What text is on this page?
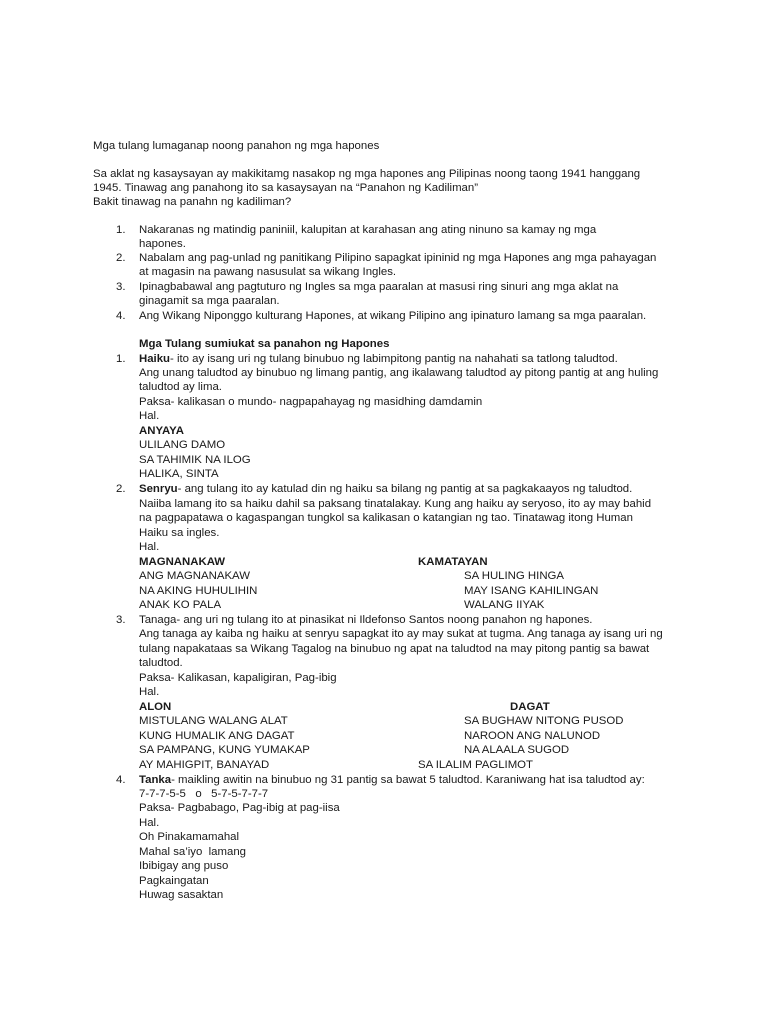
Mga tulang lumaganap noong panahon ng mga hapones
Sa aklat ng kasaysayan ay makikitamg nasakop ng mga hapones ang Pilipinas noong taong 1941 hanggang
1945. Tinawag ang panahong ito sa kasaysayan na “Panahon ng Kadiliman”
Bakit tinawag na panahn ng kadiliman?
1. Nakaranas ng matindig paniniil, kalupitan at karahasan ang ating ninuno sa kamay ng mga
hapones.
2. Nabalam ang pag-unlad ng panitikang Pilipino sapagkat ipininid ng mga Hapones ang mga pahayagan
at magasin na pawang nasusulat sa wikang Ingles.
3. Ipinagbabawal ang pagtuturo ng Ingles sa mga paaralan at masusi ring sinuri ang mga aklat na
ginagamit sa mga paaralan.
4. Ang Wikang Niponggo kulturang Hapones, at wikang Pilipino ang ipinaturo lamang sa mga paaralan.
Mga Tulang sumiukat sa panahon ng Hapones
1. Haiku- ito ay isang uri ng tulang binubuo ng labimpitong pantig na nahahati sa tatlong taludtod.
Ang unang taludtod ay binubuo ng limang pantig, ang ikalawang taludtod ay pitong pantig at ang huling
taludtod ay lima.
Paksa- kalikasan o mundo- nagpapahayag ng masidhing damdamin
Hal.
ANYAYA
ULILANG DAMO
SA TAHIMIK NA ILOG
HALIKA, SINTA
2. Senryu- ang tulang ito ay katulad din ng haiku sa bilang ng pantig at sa pagkakaayos ng taludtod.
Naiiba lamang ito sa haiku dahil sa paksang tinatalakay. Kung ang haiku ay seryoso, ito ay may bahid
na pagpapatawa o kagaspangan tungkol sa kalikasan o katangian ng tao. Tinatawag itong Human
Haiku sa ingles.
Hal.
MAGNANAKAW	KAMATAYAN
ANG MAGNANAKAW	SA HULING HINGA
NA AKING HUHULIHIN	MAY ISANG KAHILINGAN
ANAK KO PALA	WALANG IIYAK
3. Tanaga- ang uri ng tulang ito at pinasikat ni Ildefonso Santos noong panahon ng hapones.
Ang tanaga ay kaiba ng haiku at senryu sapagkat ito ay may sukat at tugma. Ang tanaga ay isang uri ng
tulang napakataas sa Wikang Tagalog na binubuo ng apat na taludtod na may pitong pantig sa bawat
taludtod.
Paksa- Kalikasan, kapaligiran, Pag-ibig
Hal.
ALON	DAGAT
MISTULANG WALANG ALAT	SA BUGHAW NITONG PUSOD
KUNG HUMALIK ANG DAGAT	NAROON ANG NALUNOD
SA PAMPANG, KUNG YUMAKAP	NA ALAALA SUGOD
AY MAHIGPIT, BANAYAD	SA ILALIM PAGLIMOT
4. Tanka- maikling awitin na binubuo ng 31 pantig sa bawat 5 taludtod. Karaniwang hat isa taludtod ay:
7-7-7-5-5   o   5-7-5-7-7-7
Paksa- Pagbabago, Pag-ibig at pag-iisa
Hal.
Oh Pinakamamahal
Mahal sa’iyo  lamang
Ibibigay ang puso
Pagkaingatan
Huwag sasaktan
